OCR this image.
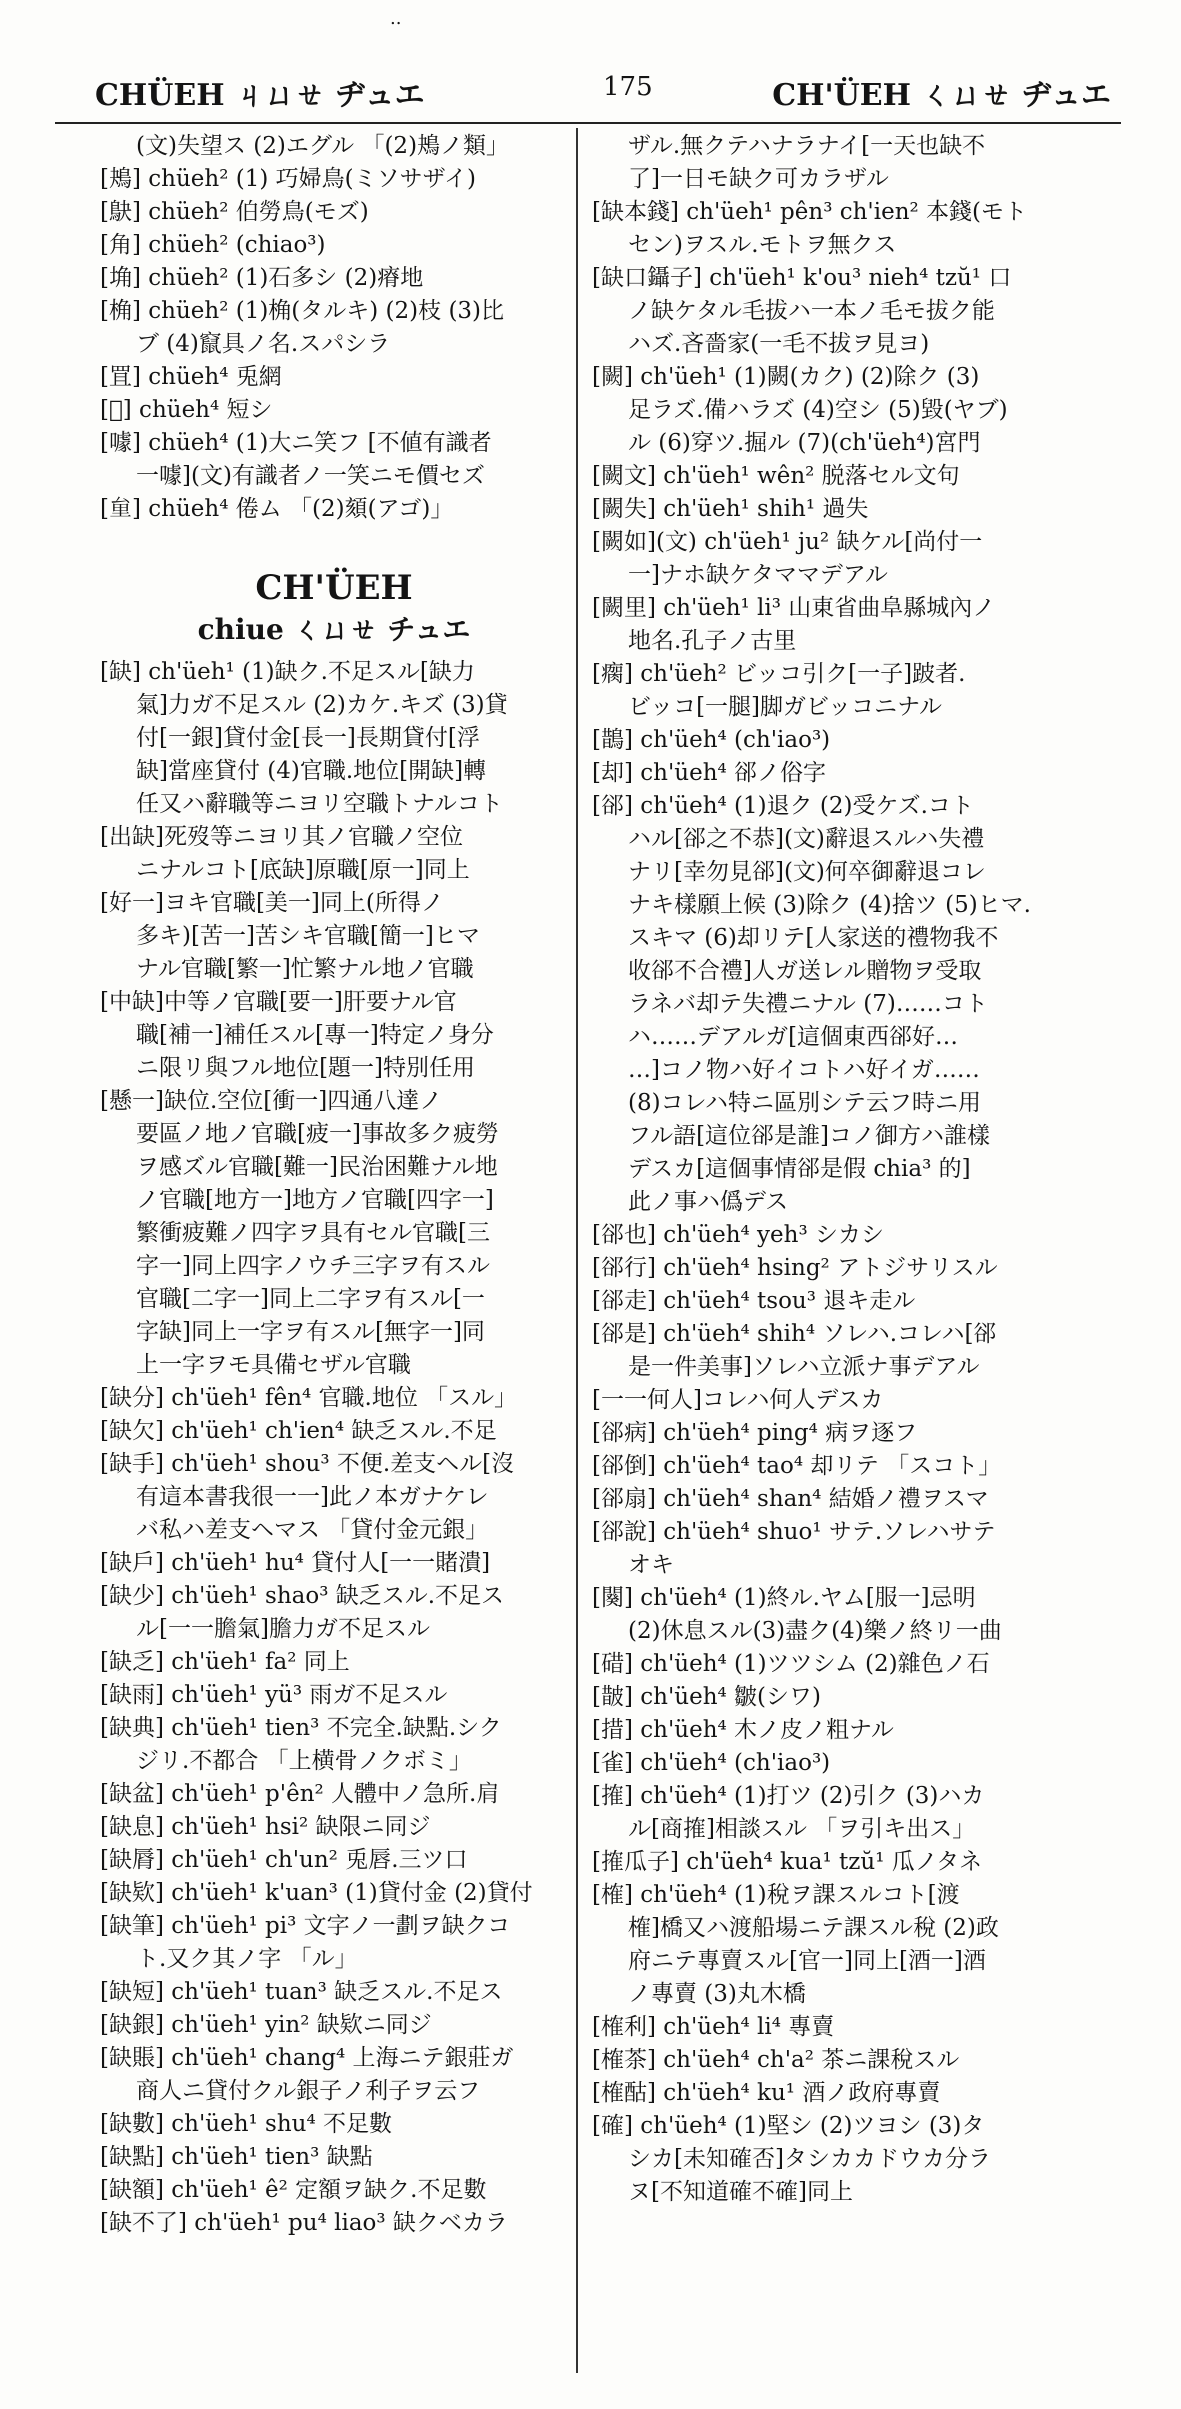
..
CHÜEH ㄐㄩㄝ ヂュエ	175	CH'ÜEH ㄑㄩㄝ ヂュエ
(文)失望ス (2)エグル 「(2)鴂ノ類」
[鴂] chüeh² (1) 巧婦鳥(ミソサザイ)
[鴃] chüeh² 伯勞鳥(モズ)
[角] chüeh² (chiao³)
[埆] chüeh² (1)石多シ (2)瘠地
[桷] chüeh² (1)桷(タルキ) (2)枝 (3)比
ブ (4)竄具ノ名.スパシラ
[罝] chüeh⁴ 兎網
[𩇢] chüeh⁴ 短シ
[噱] chüeh⁴ (1)大ニ笑フ [不値有識者
一噱](文)有識者ノ一笑ニモ價セズ
[𠫶] chüeh⁴ 倦ム 「(2)頦(アゴ)」
CH'ÜEH
chiue ㄑㄩㄝ チュエ
[缺] ch'üeh¹ (1)缺ク.不足スル[缺力
氣]力ガ不足スル (2)カケ.キズ (3)貸
付[一銀]貸付金[長一]長期貸付[浮
缺]當座貸付 (4)官職.地位[開缺]轉
任又ハ辭職等ニヨリ空職トナルコト
[出缺]死歿等ニヨリ其ノ官職ノ空位
ニナルコト[底缺]原職[原一]同上
[好一]ヨキ官職[美一]同上(所得ノ
多キ)[苦一]苦シキ官職[簡一]ヒマ
ナル官職[繁一]忙繁ナル地ノ官職
[中缺]中等ノ官職[要一]肝要ナル官
職[補一]補任スル[專一]特定ノ身分
ニ限リ與フル地位[題一]特別任用
[懸一]缺位.空位[衝一]四通八達ノ
要區ノ地ノ官職[疲一]事故多ク疲勞
ヲ感ズル官職[難一]民治困難ナル地
ノ官職[地方一]地方ノ官職[四字一]
繁衝疲難ノ四字ヲ具有セル官職[三
字一]同上四字ノウチ三字ヲ有スル
官職[二字一]同上二字ヲ有スル[一
字缺]同上一字ヲ有スル[無字一]同
上一字ヲモ具備セザル官職
[缺分] ch'üeh¹ fên⁴ 官職.地位 「スル」
[缺欠] ch'üeh¹ ch'ien⁴ 缺乏スル.不足
[缺手] ch'üeh¹ shou³ 不便.差支ヘル[沒
有這本書我很一一]此ノ本ガナケレ
バ私ハ差支ヘマス 「貸付金元銀」
[缺戶] ch'üeh¹ hu⁴ 貸付人[一一賭潰]
[缺少] ch'üeh¹ shao³ 缺乏スル.不足ス
ル[一一膽氣]膽力ガ不足スル
[缺乏] ch'üeh¹ fa² 同上
[缺雨] ch'üeh¹ yü³ 雨ガ不足スル
[缺典] ch'üeh¹ tien³ 不完全.缺點.シク
ジリ.不都合 「上横骨ノクボミ」
[缺盆] ch'üeh¹ p'ên² 人體中ノ急所.肩
[缺息] ch'üeh¹ hsi² 缺限ニ同ジ
[缺脣] ch'üeh¹ ch'un² 兎唇.三ツ口
[缺欵] ch'üeh¹ k'uan³ (1)貸付金 (2)貸付
[缺筆] ch'üeh¹ pi³ 文字ノ一劃ヲ缺クコ
ト.又ク其ノ字 「ル」
[缺短] ch'üeh¹ tuan³ 缺乏スル.不足ス
[缺銀] ch'üeh¹ yin² 缺欵ニ同ジ
[缺賬] ch'üeh¹ chang⁴ 上海ニテ銀莊ガ
商人ニ貸付クル銀子ノ利子ヲ云フ
[缺數] ch'üeh¹ shu⁴ 不足數
[缺點] ch'üeh¹ tien³ 缺點
[缺額] ch'üeh¹ ê² 定額ヲ缺ク.不足數
[缺不了] ch'üeh¹ pu⁴ liao³ 缺クベカラ
ザル.無クテハナラナイ[一天也缺不
了]一日モ缺ク可カラザル
[缺本錢] ch'üeh¹ pên³ ch'ien² 本錢(モト
セン)ヲスル.モトヲ無クス
[缺口鑷子] ch'üeh¹ k'ou³ nieh⁴ tzŭ¹ 口
ノ缺ケタル毛拔ハ一本ノ毛モ拔ク能
ハズ.吝嗇家(一毛不拔ヲ見ヨ)
[闕] ch'üeh¹ (1)闕(カク) (2)除ク (3)
足ラズ.備ハラズ (4)空シ (5)毀(ヤブ)
ル (6)穿ツ.掘ル (7)(ch'üeh⁴)宮門
[闕文] ch'üeh¹ wên² 脱落セル文句
[闕失] ch'üeh¹ shih¹ 過失
[闕如](文) ch'üeh¹ ju² 缺ケル[尚付一
一]ナホ缺ケタママデアル
[闕里] ch'üeh¹ li³ 山東省曲阜縣城內ノ
地名.孔子ノ古里
[瘸] ch'üeh² ビッコ引ク[一子]跛者.
ビッコ[一腿]脚ガビッコニナル
[鵲] ch'üeh⁴ (ch'iao³)
[却] ch'üeh⁴ 郤ノ俗字
[郤] ch'üeh⁴ (1)退ク (2)受ケズ.コト
ハル[郤之不恭](文)辭退スルハ失禮
ナリ[幸勿見郤](文)何卒御辭退コレ
ナキ樣願上候 (3)除ク (4)捨ツ (5)ヒマ.
スキマ (6)却リテ[人家送的禮物我不
收郤不合禮]人ガ送レル贈物ヲ受取
ラネバ却テ失禮ニナル (7)……コト
ハ……デアルガ[這個東西郤好…
…]コノ物ハ好イコトハ好イガ……
(8)コレハ特ニ區別シテ云フ時ニ用
フル語[這位郤是誰]コノ御方ハ誰樣
デスカ[這個事情郤是假 chia³ 的]
此ノ事ハ僞デス
[郤也] ch'üeh⁴ yeh³ シカシ
[郤行] ch'üeh⁴ hsing² アトジサリスル
[郤走] ch'üeh⁴ tsou³ 退キ走ル
[郤是] ch'üeh⁴ shih⁴ ソレハ.コレハ[郤
是一件美事]ソレハ立派ナ事デアル
[一一何人]コレハ何人デスカ
[郤病] ch'üeh⁴ ping⁴ 病ヲ逐フ
[郤倒] ch'üeh⁴ tao⁴ 却リテ 「スコト」
[郤扇] ch'üeh⁴ shan⁴ 結婚ノ禮ヲスマ
[郤說] ch'üeh⁴ shuo¹ サテ.ソレハサテ
オキ
[闋] ch'üeh⁴ (1)終ル.ヤム[服一]忌明
(2)休息スル(3)盡ク(4)樂ノ終リ一曲
[碏] ch'üeh⁴ (1)ツツシム (2)雜色ノ石
[皵] ch'üeh⁴ 皺(シワ)
[措] ch'üeh⁴ 木ノ皮ノ粗ナル
[雀] ch'üeh⁴ (ch'iao³)
[搉] ch'üeh⁴ (1)打ツ (2)引ク (3)ハカ
ル[商搉]相談スル 「ヲ引キ出ス」
[搉瓜子] ch'üeh⁴ kua¹ tzŭ¹ 瓜ノタネ
[榷] ch'üeh⁴ (1)稅ヲ課スルコト[渡
榷]橋又ハ渡船場ニテ課スル稅 (2)政
府ニテ專賣スル[官一]同上[酒一]酒
ノ專賣 (3)丸木橋
[榷利] ch'üeh⁴ li⁴ 專賣
[榷茶] ch'üeh⁴ ch'a² 茶ニ課稅スル
[榷酤] ch'üeh⁴ ku¹ 酒ノ政府專賣
[確] ch'üeh⁴ (1)堅シ (2)ツヨシ (3)タ
シカ[未知確否]タシカカドウカ分ラ
ヌ[不知道確不確]同上
